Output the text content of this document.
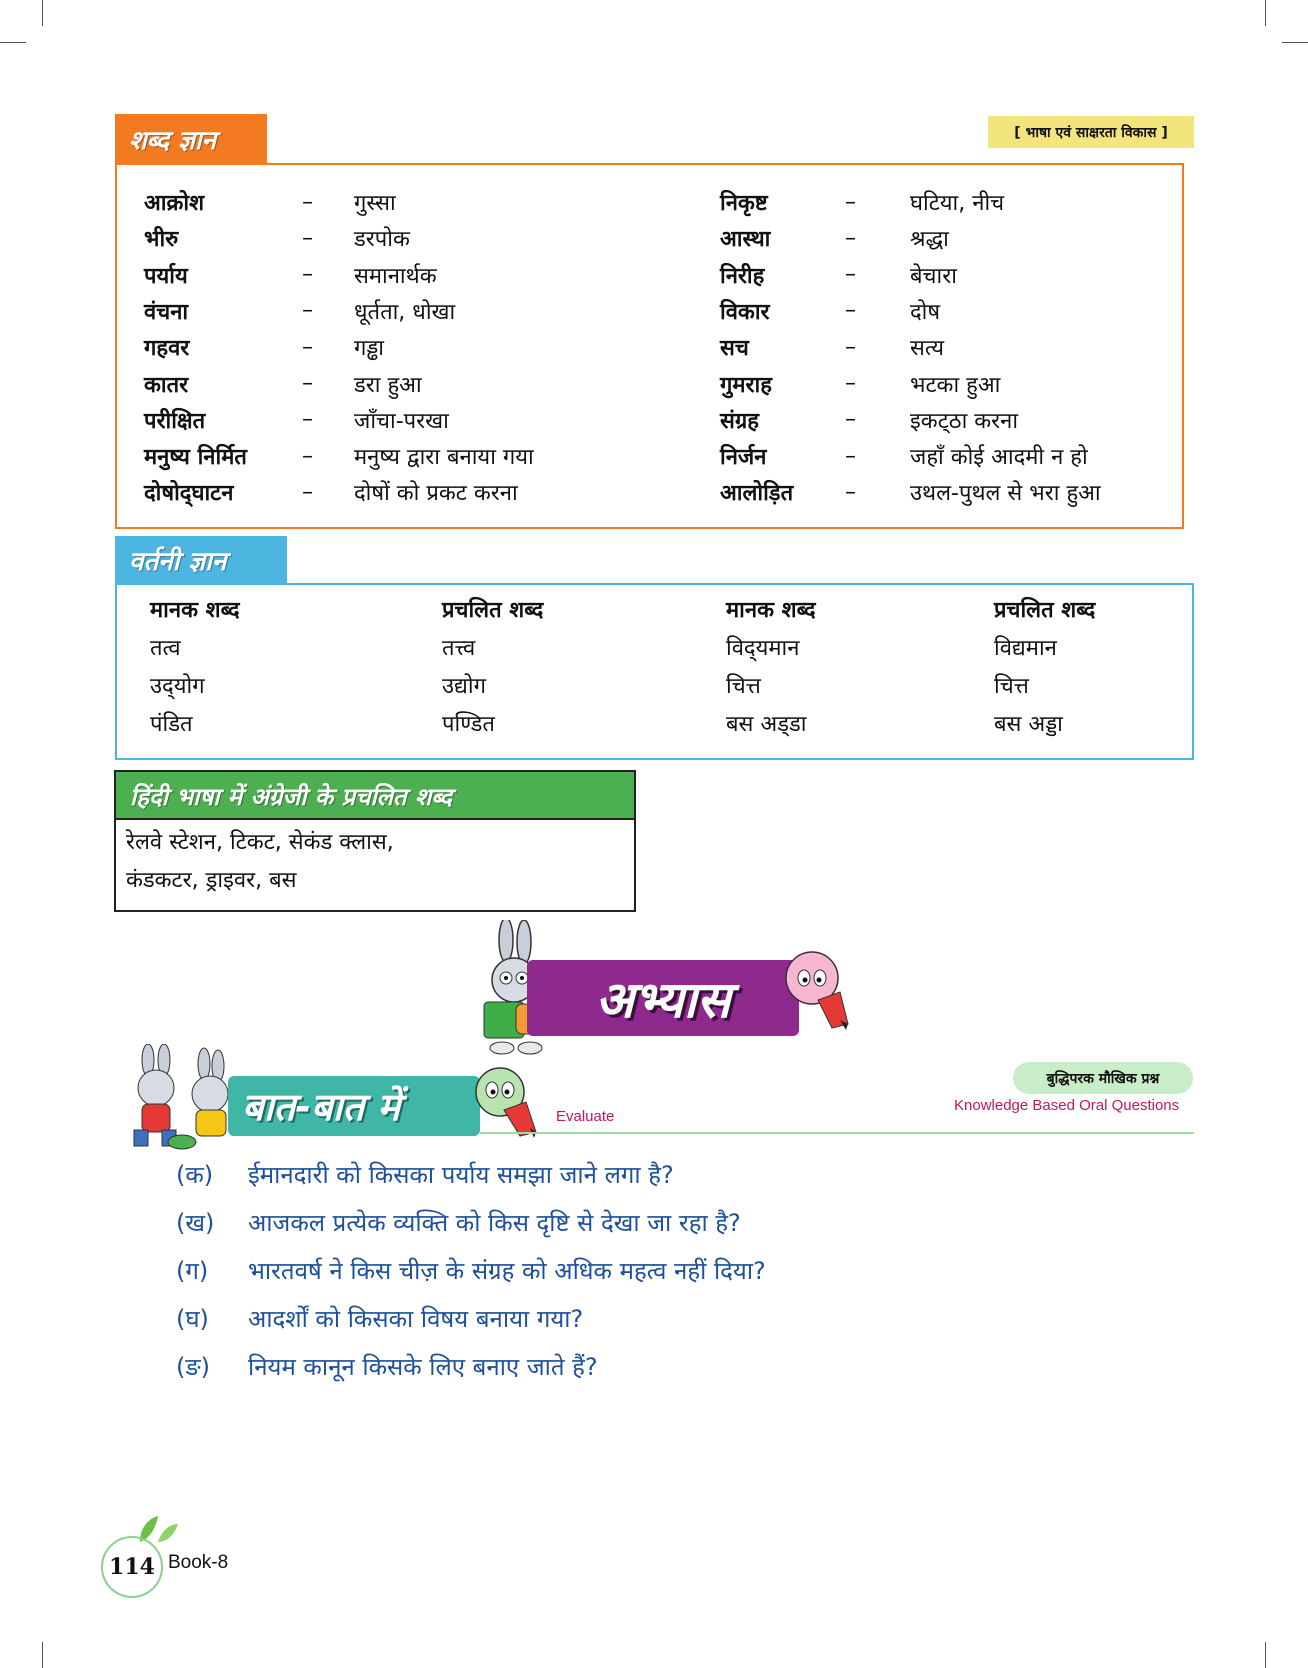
[ भाषा एवं साक्षरता विकास ]
शब्द ज्ञान
आक्रोश	– गुस्सा	निकृष्ट	– घटिया, नीच
भीरु	– डरपोक	आस्था	– श्रद्धा
पर्याय	– समानार्थक	निरीह	– बेचारा
वंचना	– धूर्तता, धोखा	विकार	– दोष
गहवर	– गड्ढा	सच	– सत्य
कातर	– डरा हुआ	गुमराह	– भटका हुआ
परीक्षित	– जाँचा-परखा	संग्रह	– इकट्‌ठा करना
मनुष्य निर्मित	– मनुष्य द्वारा बनाया गया	निर्जन	– जहाँ कोई आदमी न हो
दोषोद्‌घाटन	– दोषों को प्रकट करना	आलोड़ित – उथल-पुथल से भरा हुआ
वर्तनी ज्ञान
मानक शब्द	प्रचलित शब्द	मानक शब्द	प्रचलित शब्द
तत्व	तत्त्व	विद्‌यमान	विद्यमान
उद्‌योग	उद्योग	चित्त	चित्त
पंडित	पण्डित	बस अड्‌डा	बस अड्डा
हिंदी भाषा में अंग्रेजी के प्रचलित शब्द
रेलवे स्टेशन, टिकट, सेकंड क्लास,
कंडकटर, ड्राइवर, बस
अभ्यास
बात-बात में	Evaluate
बुद्धिपरक मौखिक प्रश्न
Knowledge Based Oral Questions
(क)	ईमानदारी को किसका पर्याय समझा जाने लगा है?
(ख)	आजकल प्रत्येक व्यक्ति को किस दृष्टि से देखा जा रहा है?
(ग)	भारतवर्ष ने किस चीज़ के संग्रह को अधिक महत्व नहीं दिया?
(घ)	आदर्शों को किसका विषय बनाया गया?
(ङ)	नियम कानून किसके लिए बनाए जाते हैं?
114 Book-8
